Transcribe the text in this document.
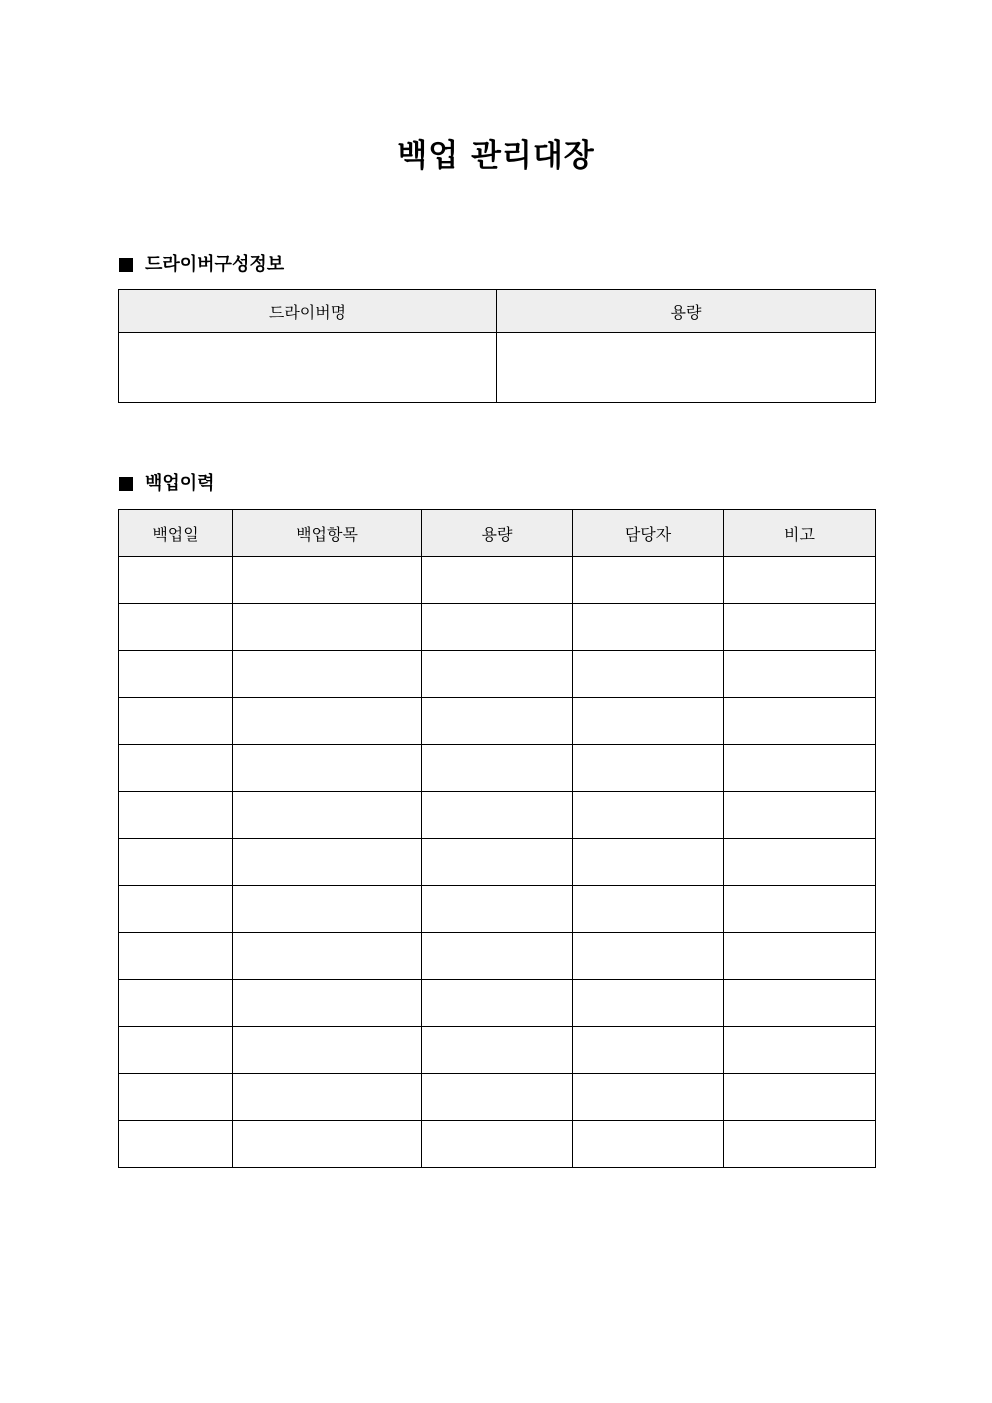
백업 관리대장
드라이버구성정보
드라이버명	용량

백업이력
백업일	백업항목	용량	담당자	비고
